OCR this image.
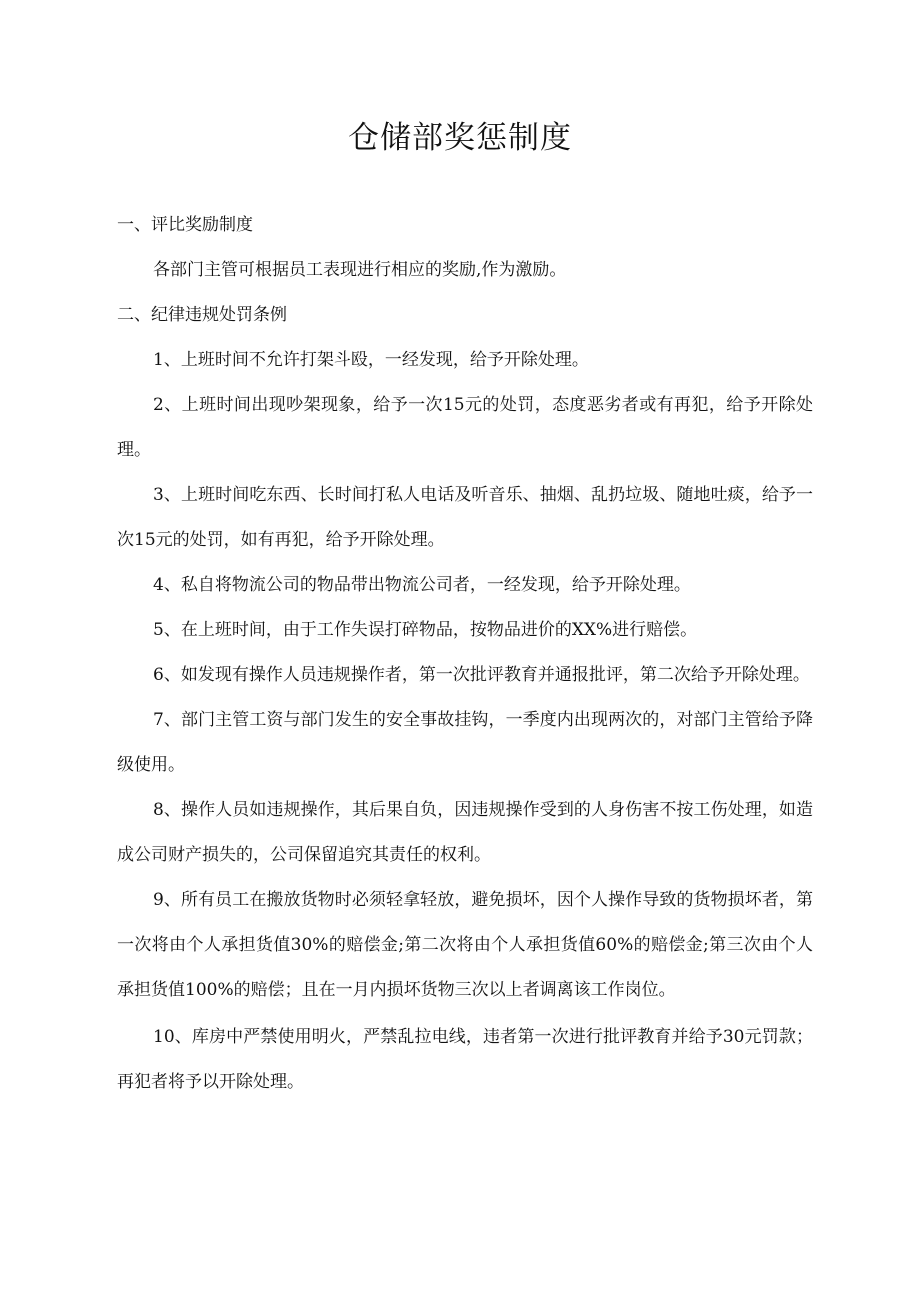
仓储部奖惩制度

一、评比奖励制度

各部门主管可根据员工表现进行相应的奖励,作为激励。

二、纪律违规处罚条例

1、上班时间不允许打架斗殴，一经发现，给予开除处理。

2、上班时间出现吵架现象，给予一次15元的处罚，态度恶劣者或有再犯，给予开除处理。

3、上班时间吃东西、长时间打私人电话及听音乐、抽烟、乱扔垃圾、随地吐痰，给予一次15元的处罚，如有再犯，给予开除处理。

4、私自将物流公司的物品带出物流公司者，一经发现，给予开除处理。

5、在上班时间，由于工作失误打碎物品，按物品进价的XX%进行赔偿。

6、如发现有操作人员违规操作者，第一次批评教育并通报批评，第二次给予开除处理。

7、部门主管工资与部门发生的安全事故挂钩，一季度内出现两次的，对部门主管给予降级使用。

8、操作人员如违规操作，其后果自负，因违规操作受到的人身伤害不按工伤处理，如造成公司财产损失的，公司保留追究其责任的权利。

9、所有员工在搬放货物时必须轻拿轻放，避免损坏，因个人操作导致的货物损坏者，第一次将由个人承担货值30%的赔偿金;第二次将由个人承担货值60%的赔偿金;第三次由个人承担货值100%的赔偿；且在一月内损坏货物三次以上者调离该工作岗位。

10、库房中严禁使用明火，严禁乱拉电线，违者第一次进行批评教育并给予30元罚款；再犯者将予以开除处理。
